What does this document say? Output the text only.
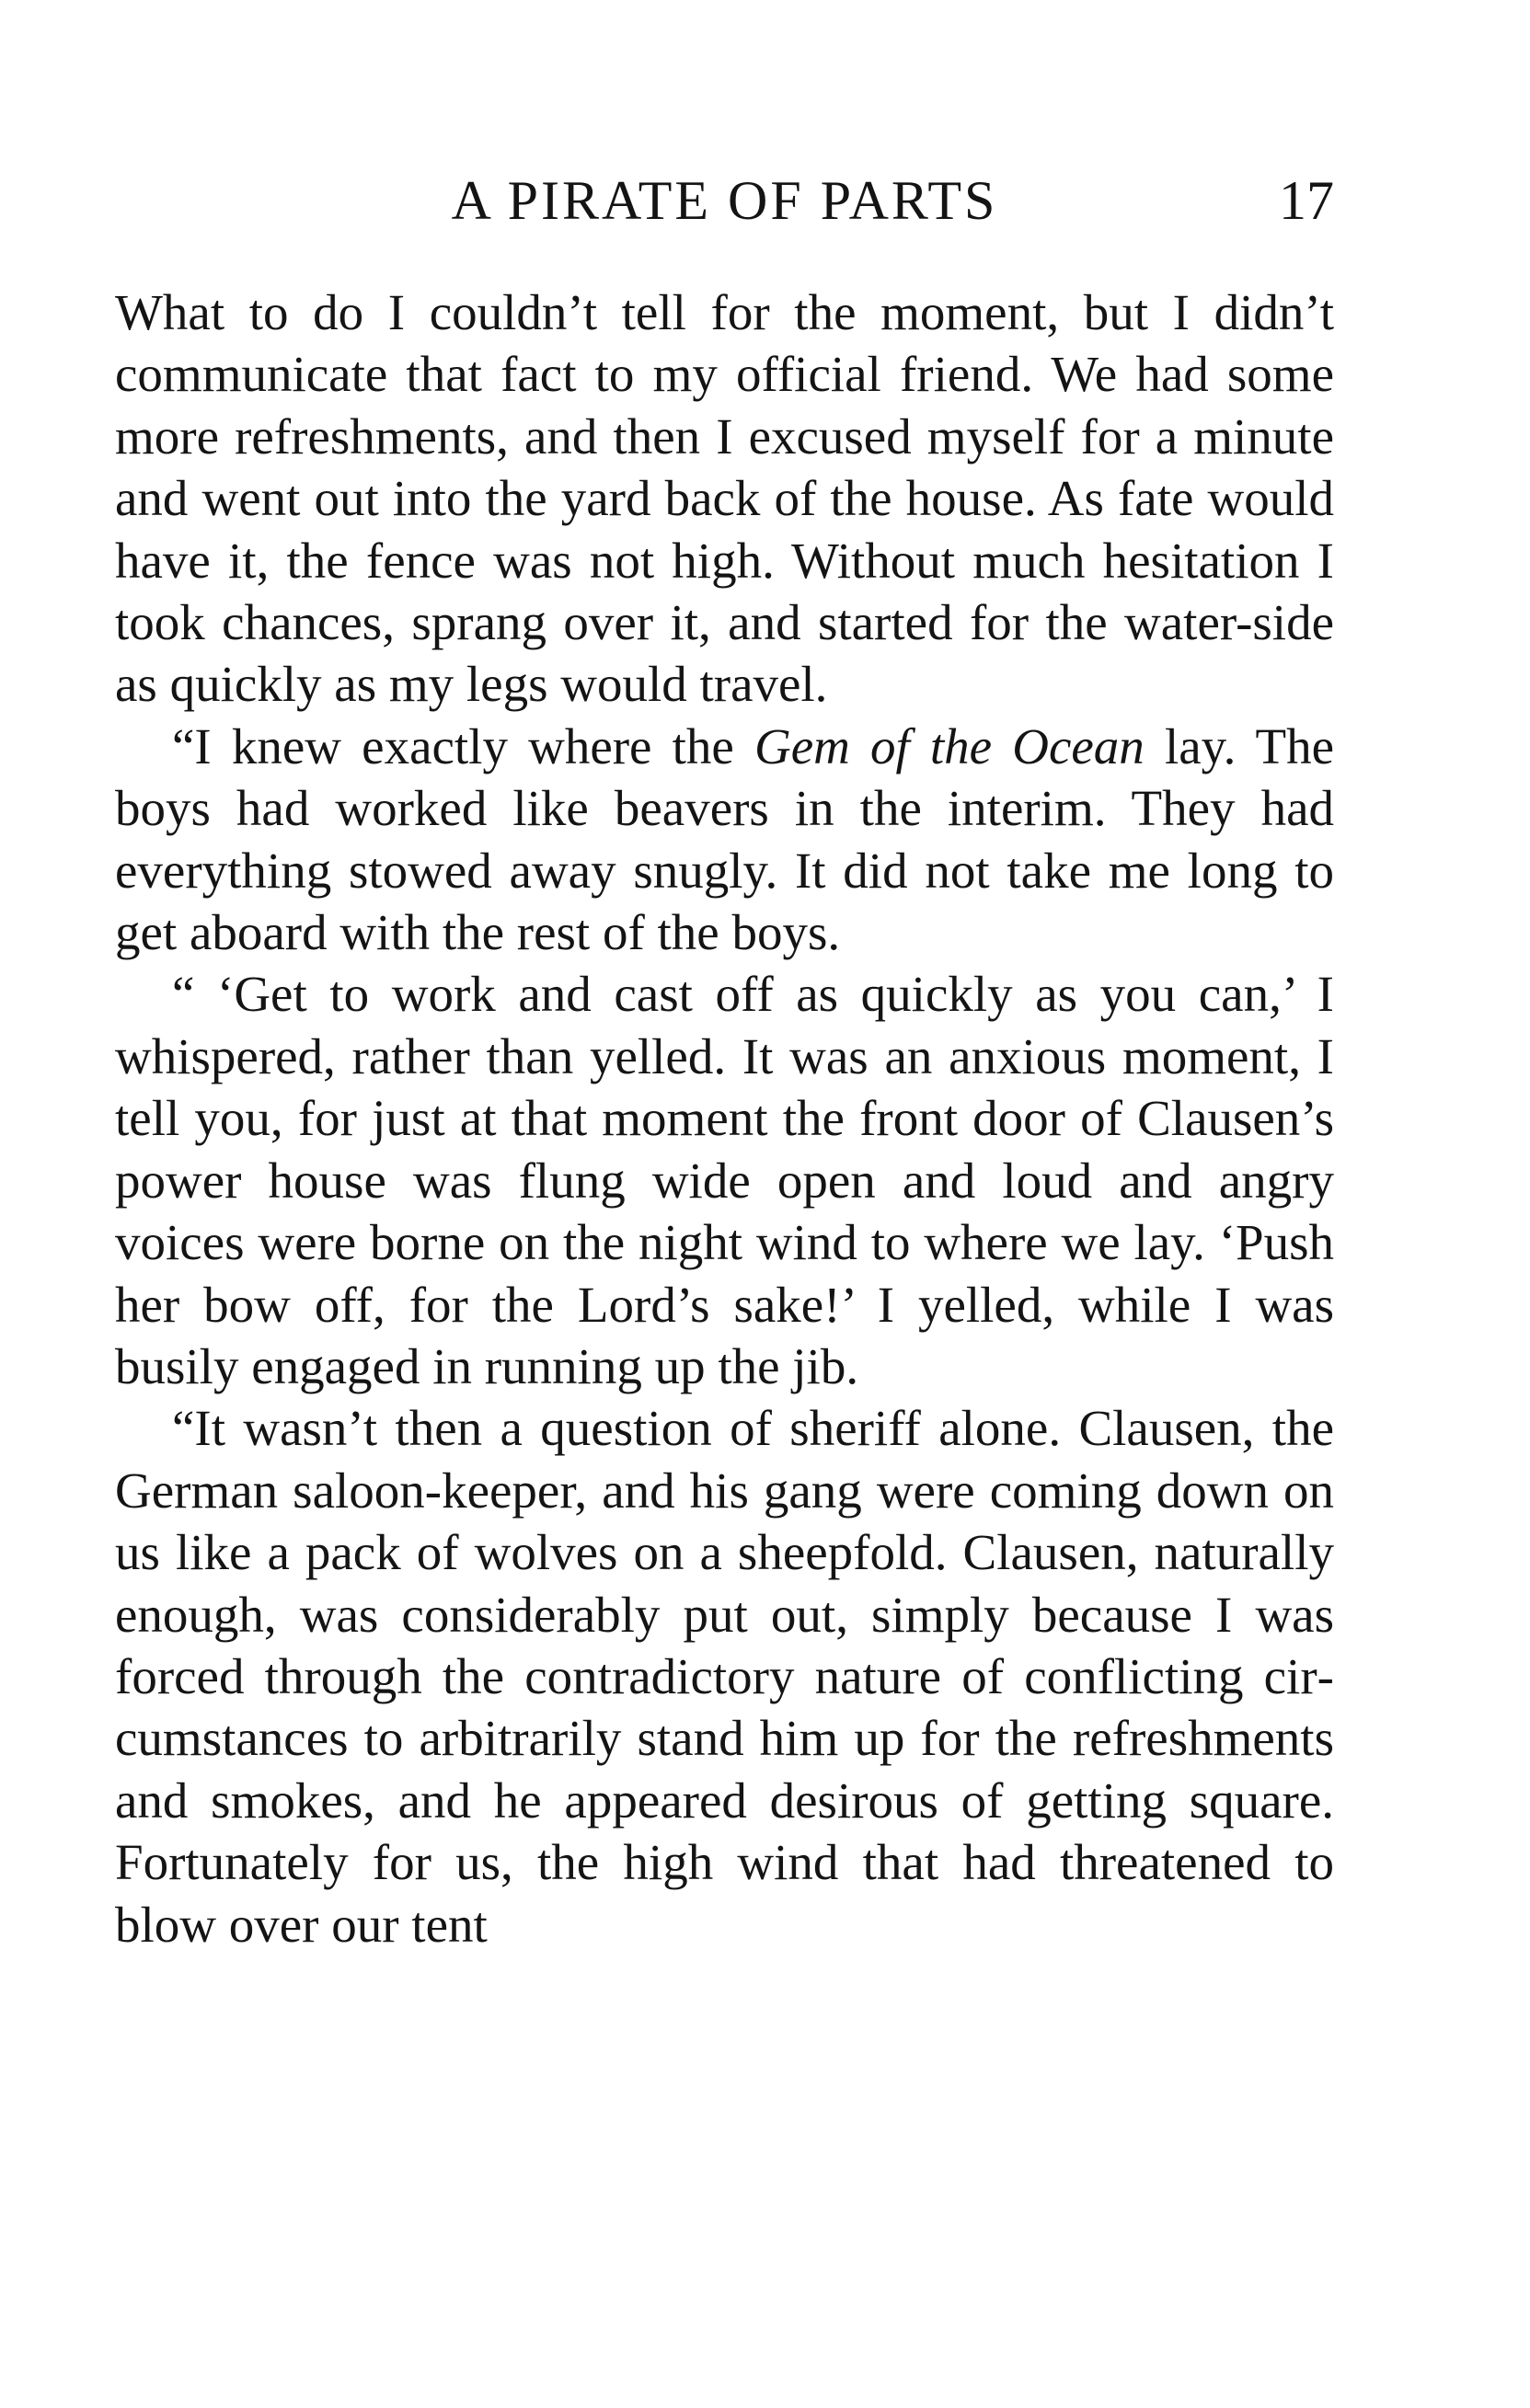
A PIRATE OF PARTS	17

What to do I couldn’t tell for the moment, but I didn’t communicate that fact to my official friend. We had some more refreshments, and then I excused myself for a minute and went out into the yard back of the house. As fate would have it, the fence was not high. Without much hesitation I took chances, sprang over it, and started for the water-side as quickly as my legs would travel.

“I knew exactly where the Gem of the Ocean lay. The boys had worked like beavers in the interim. They had everything stowed away snugly. It did not take me long to get aboard with the rest of the boys.

“ ‘Get to work and cast off as quickly as you can,’ I whispered, rather than yelled. It was an anxious moment, I tell you, for just at that moment the front door of Clausen’s power house was flung wide open and loud and angry voices were borne on the night wind to where we lay. ‘Push her bow off, for the Lord’s sake!’ I yelled, while I was busily engaged in running up the jib.

“It wasn’t then a question of sheriff alone. Clausen, the German saloon-keeper, and his gang were coming down on us like a pack of wolves on a sheepfold. Clausen, naturally enough, was considerably put out, simply because I was forced through the contradictory nature of conflicting circumstances to arbitrarily stand him up for the refreshments and smokes, and he appeared desirous of getting square. Fortunately for us, the high wind that had threatened to blow over our tent
